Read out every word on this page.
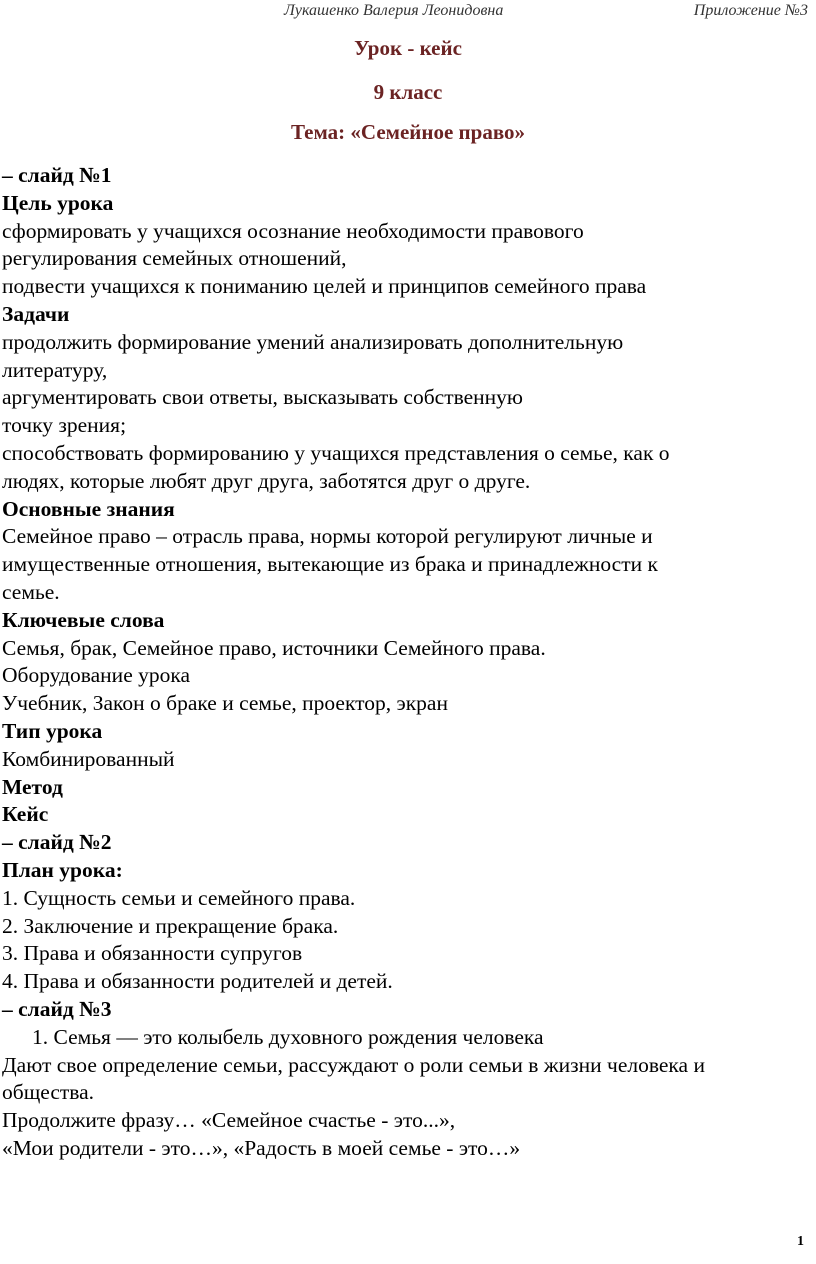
Лукашенко Валерия Леонидовна	Приложение №3
Урок - кейс
9 класс
Тема: «Семейное право»

– слайд №1

Цель урока

сформировать у учащихся осознание необходимости правового

регулирования семейных отношений,

подвести учащихся к пониманию целей и принципов семейного права

Задачи

продолжить формирование умений анализировать дополнительную

литературу,

аргументировать свои ответы, высказывать собственную

точку зрения;

способствовать формированию у учащихся представления о семье, как о

людях, которые любят друг друга, заботятся друг о друге.

Основные знания

Семейное право – отрасль права, нормы которой регулируют личные и

имущественные отношения, вытекающие из брака и принадлежности к

семье.

Ключевые слова

Семья, брак, Семейное право, источники Семейного права.

Оборудование урока

Учебник, Закон о браке и семье, проектор, экран

Тип урока

Комбинированный

Метод

Кейс

– слайд №2

План урока:

1. Сущность семьи и семейного права.

2. Заключение и прекращение брака.

3. Права и обязанности супругов

4. Права и обязанности родителей и детей.

– слайд №3

1. Семья — это колыбель духовного рождения человека

Дают свое определение семьи, рассуждают о роли семьи в жизни человека и

общества.

Продолжите фразу… «Семейное счастье - это...»,

«Мои родители - это…», «Радость в моей семье - это…»

1
